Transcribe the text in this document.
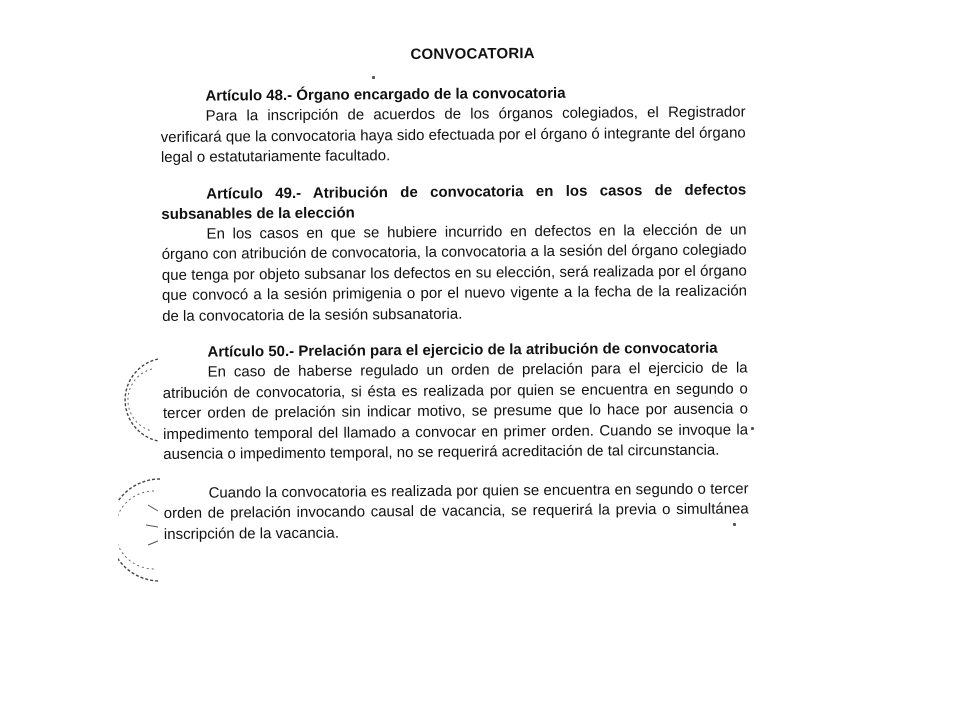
CONVOCATORIA
Artículo 48.- Órgano encargado de la convocatoria

Para la inscripción de acuerdos de los órganos colegiados, el Registrador verificará que la convocatoria haya sido efectuada por el órgano ó integrante del órgano legal o estatutariamente facultado.

Artículo 49.- Atribución de convocatoria en los casos de defectos subsanables de la elección

En los casos en que se hubiere incurrido en defectos en la elección de un órgano con atribución de convocatoria, la convocatoria a la sesión del órgano colegiado que tenga por objeto subsanar los defectos en su elección, será realizada por el órgano que convocó a la sesión primigenia o por el nuevo vigente a la fecha de la realización de la convocatoria de la sesión subsanatoria.

Artículo 50.- Prelación para el ejercicio de la atribución de convocatoria

En caso de haberse regulado un orden de prelación para el ejercicio de la atribución de convocatoria, si ésta es realizada por quien se encuentra en segundo o tercer orden de prelación sin indicar motivo, se presume que lo hace por ausencia o impedimento temporal del llamado a convocar en primer orden. Cuando se invoque la ausencia o impedimento temporal, no se requerirá acreditación de tal circunstancia.

Cuando la convocatoria es realizada por quien se encuentra en segundo o tercer orden de prelación invocando causal de vacancia, se requerirá la previa o simultánea inscripción de la vacancia.
